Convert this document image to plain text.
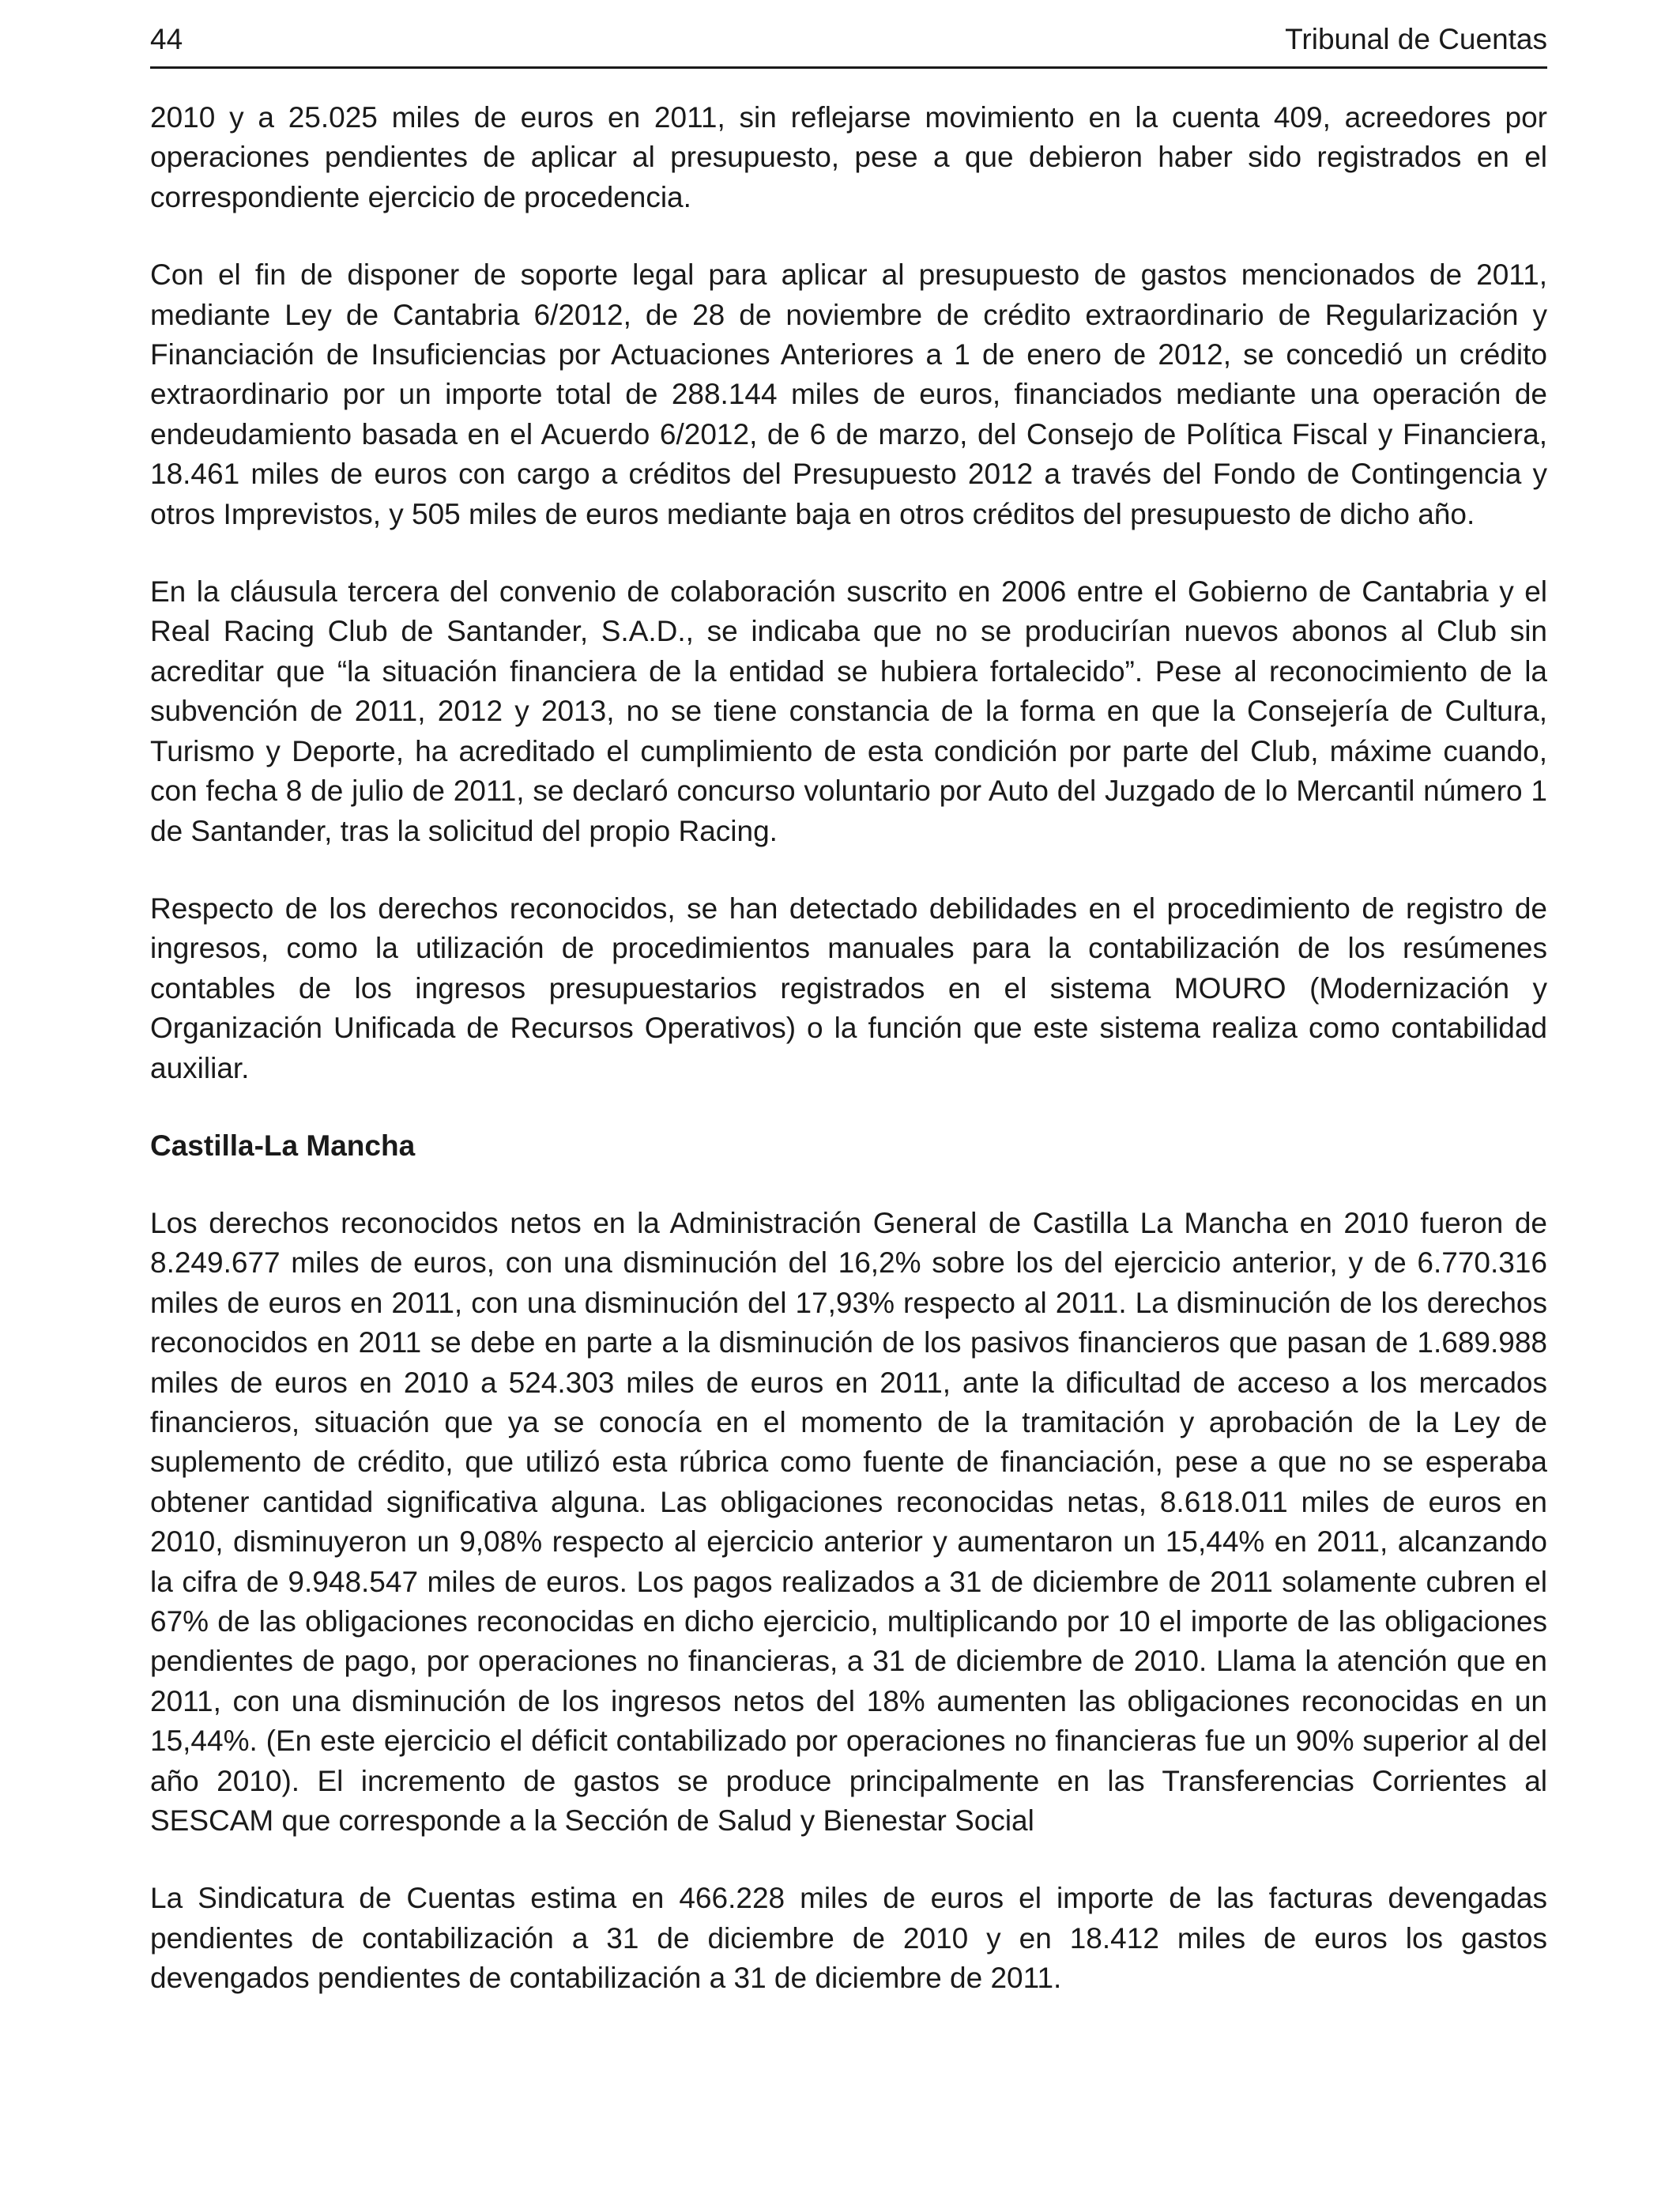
44	Tribunal de Cuentas

2010 y a 25.025 miles de euros en 2011, sin reflejarse movimiento en la cuenta 409, acreedores por operaciones pendientes de aplicar al presupuesto, pese a que debieron haber sido registrados en el correspondiente ejercicio de procedencia.

Con el fin de disponer de soporte legal para aplicar al presupuesto de gastos mencionados de 2011, mediante Ley de Cantabria 6/2012, de 28 de noviembre de crédito extraordinario de Regularización y Financiación de Insuficiencias por Actuaciones Anteriores a 1 de enero de 2012, se concedió un crédito extraordinario por un importe total de 288.144 miles de euros, financiados mediante una operación de endeudamiento basada en el Acuerdo 6/2012, de 6 de marzo, del Consejo de Política Fiscal y Financiera, 18.461 miles de euros con cargo a créditos del Presupuesto 2012 a través del Fondo de Contingencia y otros Imprevistos, y 505 miles de euros mediante baja en otros créditos del presupuesto de dicho año.

En la cláusula tercera del convenio de colaboración suscrito en 2006 entre el Gobierno de Cantabria y el Real Racing Club de Santander, S.A.D., se indicaba que no se producirían nuevos abonos al Club sin acreditar que “la situación financiera de la entidad se hubiera fortalecido”. Pese al reconocimiento de la subvención de 2011, 2012 y 2013, no se tiene constancia de la forma en que la Consejería de Cultura, Turismo y Deporte, ha acreditado el cumplimiento de esta condición por parte del Club, máxime cuando, con fecha 8 de julio de 2011, se declaró concurso voluntario por Auto del Juzgado de lo Mercantil número 1 de Santander, tras la solicitud del propio Racing.

Respecto de los derechos reconocidos, se han detectado debilidades en el procedimiento de registro de ingresos, como la utilización de procedimientos manuales para la contabilización de los resúmenes contables de los ingresos presupuestarios registrados en el sistema MOURO (Modernización y Organización Unificada de Recursos Operativos) o la función que este sistema realiza como contabilidad auxiliar.

Castilla-La Mancha

Los derechos reconocidos netos en la Administración General de Castilla La Mancha en 2010 fueron de 8.249.677 miles de euros, con una disminución del 16,2% sobre los del ejercicio anterior, y de 6.770.316 miles de euros en 2011, con una disminución del 17,93% respecto al 2011. La disminución de los derechos reconocidos en 2011 se debe en parte a la disminución de los pasivos financieros que pasan de 1.689.988 miles de euros en 2010 a 524.303 miles de euros en 2011, ante la dificultad de acceso a los mercados financieros, situación que ya se conocía en el momento de la tramitación y aprobación de la Ley de suplemento de crédito, que utilizó esta rúbrica como fuente de financiación, pese a que no se esperaba obtener cantidad significativa alguna. Las obligaciones reconocidas netas, 8.618.011 miles de euros en 2010, disminuyeron un 9,08% respecto al ejercicio anterior y aumentaron un 15,44% en 2011, alcanzando la cifra de 9.948.547 miles de euros. Los pagos realizados a 31 de diciembre de 2011 solamente cubren el 67% de las obligaciones reconocidas en dicho ejercicio, multiplicando por 10 el importe de las obligaciones pendientes de pago, por operaciones no financieras, a 31 de diciembre de 2010. Llama la atención que en 2011, con una disminución de los ingresos netos del 18% aumenten las obligaciones reconocidas en un 15,44%. (En este ejercicio el déficit contabilizado por operaciones no financieras fue un 90% superior al del año 2010). El incremento de gastos se produce principalmente en las Transferencias Corrientes al SESCAM que corresponde a la Sección de Salud y Bienestar Social

La Sindicatura de Cuentas estima en 466.228 miles de euros el importe de las facturas devengadas pendientes de contabilización a 31 de diciembre de 2010 y en 18.412 miles de euros los gastos devengados pendientes de contabilización a 31 de diciembre de 2011.
